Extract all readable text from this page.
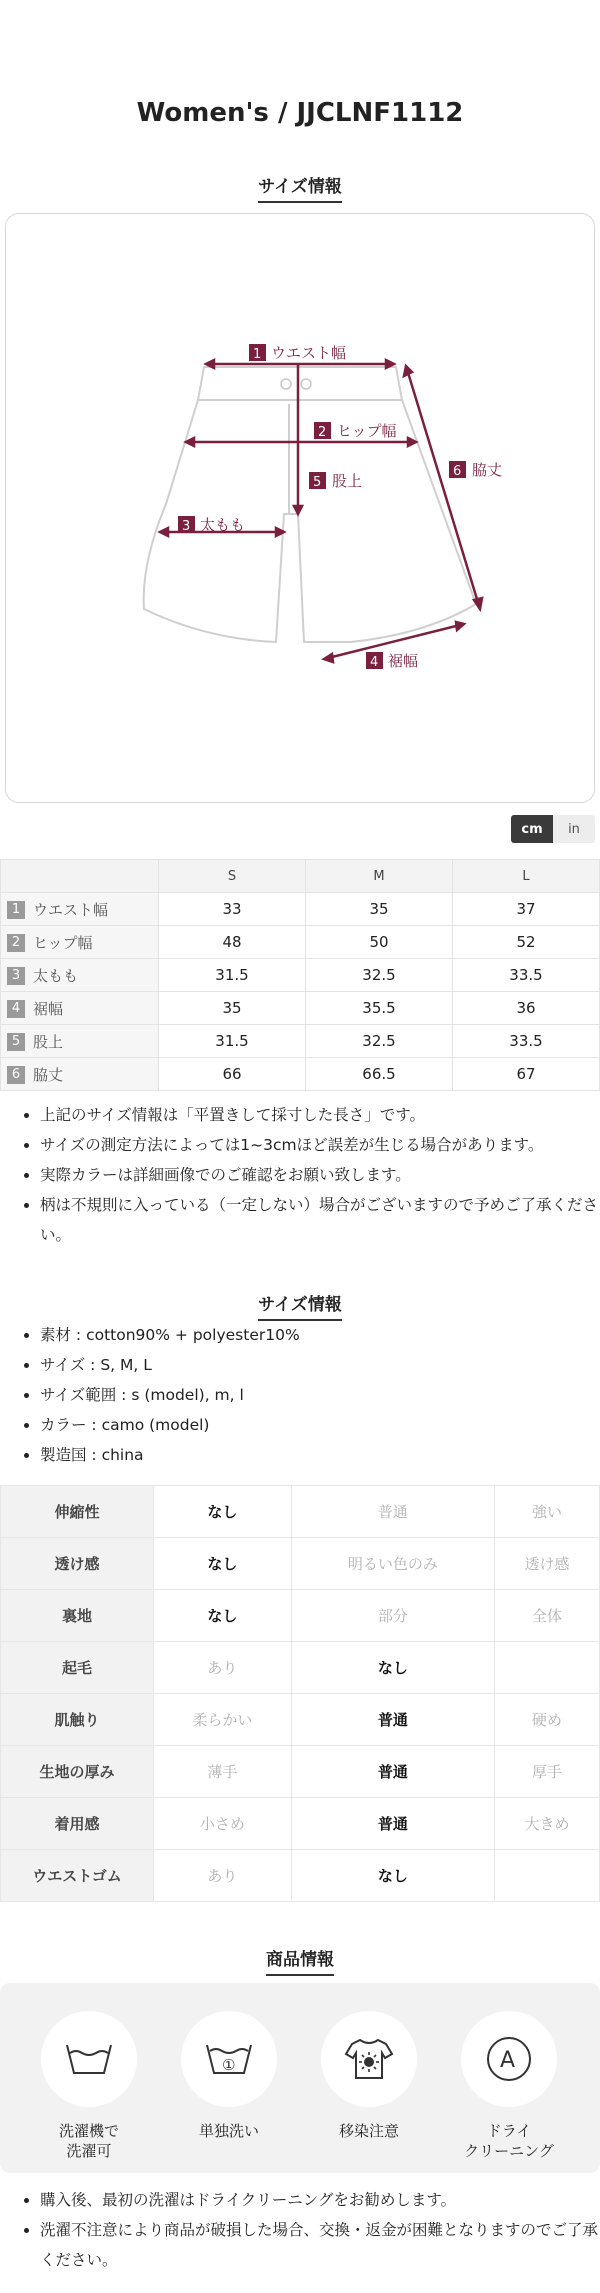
Women's / JJCLNF1112
サイズ情報
1 ウエスト幅
2 ヒップ幅
3 太もも
4 裾幅
5 股上
6 脇丈
cm	in
	S	M	L
1 ウエスト幅	33	35	37
2 ヒップ幅	48	50	52
3 太もも	31.5	32.5	33.5
4 裾幅	35	35.5	36
5 股上	31.5	32.5	33.5
6 脇丈	66	66.5	67
• 上記のサイズ情報は「平置きして採寸した長さ」です。
• サイズの測定方法によっては1~3cmほど誤差が生じる場合があります。
• 実際カラーは詳細画像でのご確認をお願い致します。
• 柄は不規則に入っている（一定しない）場合がございますので予めご了承ください。
サイズ情報
• 素材 : cotton90% + polyester10%
• サイズ : S, M, L
• サイズ範囲 : s (model), m, l
• カラー : camo (model)
• 製造国 : china
伸縮性	なし	普通	強い
透け感	なし	明るい色のみ	透け感
裏地	なし	部分	全体
起毛	あり	なし	
肌触り	柔らかい	普通	硬め
生地の厚み	薄手	普通	厚手
着用感	小さめ	普通	大きめ
ウエストゴム	あり	なし	
商品情報
洗濯機で
洗濯可
①
単独洗い	移染注意
A
ドライ
クリーニング
• 購入後、最初の洗濯はドライクリーニングをお勧めします。
• 洗濯不注意により商品が破損した場合、交換・返金が困難となりますのでご了承ください。
